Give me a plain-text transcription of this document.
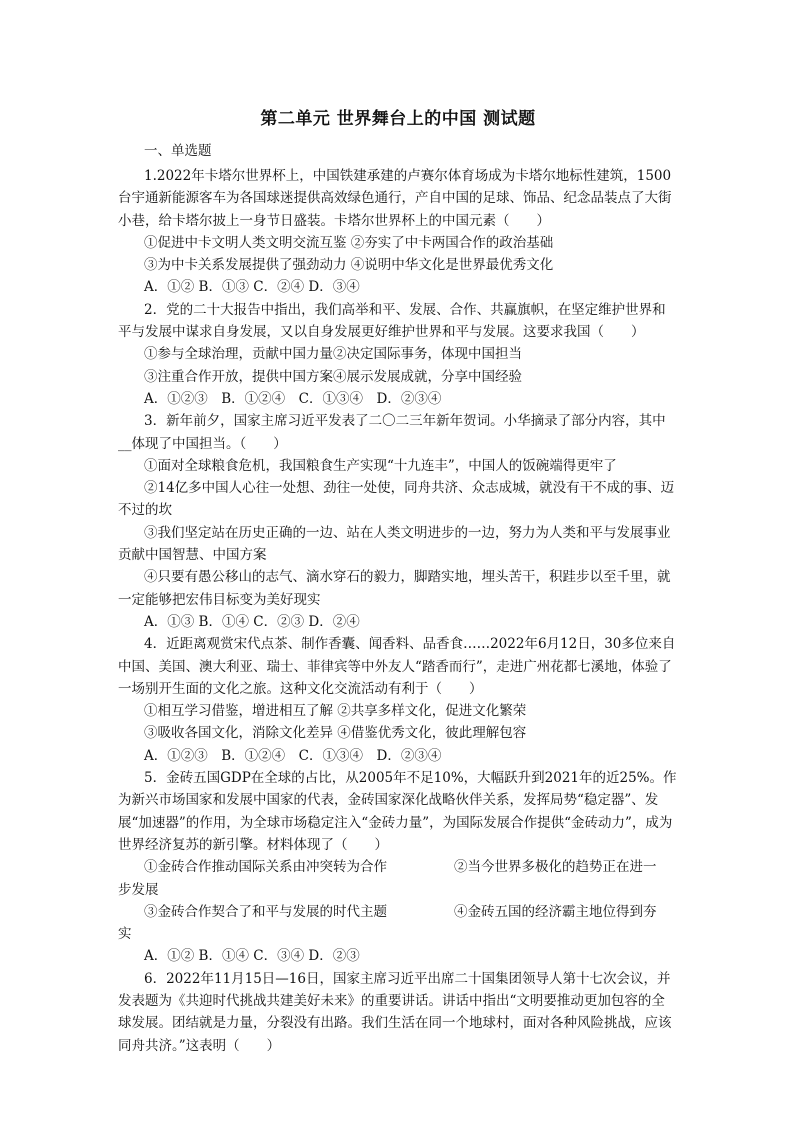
第二单元 世界舞台上的中国 测试题
一、单选题

1.2022年卡塔尔世界杯上，中国铁建承建的卢赛尔体育场成为卡塔尔地标性建筑，1500台宇通新能源客车为各国球迷提供高效绿色通行，产自中国的足球、饰品、纪念品装点了大街小巷，给卡塔尔披上一身节日盛装。卡塔尔世界杯上的中国元素（　　）

①促进中卡文明人类文明交流互鉴 ②夯实了中卡两国合作的政治基础

③为中卡关系发展提供了强劲动力 ④说明中华文化是世界最优秀文化

A．①② B．①③ C．②④ D．③④

2．党的二十大报告中指出，我们高举和平、发展、合作、共赢旗帜，在坚定维护世界和平与发展中谋求自身发展，又以自身发展更好维护世界和平与发展。这要求我国（　　）

①参与全球治理，贡献中国力量②决定国际事务，体现中国担当

③注重合作开放，提供中国方案④展示发展成就，分享中国经验

A．①②③　B．①②④　C．①③④　D．②③④

3．新年前夕，国家主席习近平发表了二〇二三年新年贺词。小华摘录了部分内容，其中　　__体现了中国担当。（　　）

①面对全球粮食危机，我国粮食生产实现“十九连丰”，中国人的饭碗端得更牢了

②14亿多中国人心往一处想、劲往一处使，同舟共济、众志成城，就没有干不成的事、迈不过的坎

③我们坚定站在历史正确的一边、站在人类文明进步的一边，努力为人类和平与发展事业贡献中国智慧、中国方案

④只要有愚公移山的志气、滴水穿石的毅力，脚踏实地，埋头苦干，积跬步以至千里，就一定能够把宏伟目标变为美好现实

A．①③ B．①④ C．②③ D．②④

4．近距离观赏宋代点茶、制作香囊、闻香料、品香食……2022年6月12日，30多位来自中国、美国、澳大利亚、瑞士、菲律宾等中外友人“踏香而行”，走进广州花都七溪地，体验了一场别开生面的文化之旅。这种文化交流活动有利于（　　）

①相互学习借鉴，增进相互了解 ②共享多样文化，促进文化繁荣

③吸收各国文化，消除文化差异 ④借鉴优秀文化，彼此理解包容

A．①②③　B．①②④　C．①③④　D．②③④

5．金砖五国GDP在全球的占比，从2005年不足10%，大幅跃升到2021年的近25%。作为新兴市场国家和发展中国家的代表，金砖国家深化战略伙伴关系，发挥局势“稳定器”、发展“加速器”的作用，为全球市场稳定注入“金砖力量”，为国际发展合作提供“金砖动力”，成为世界经济复苏的新引擎。材料体现了（　　）

①金砖合作推动国际关系由冲突转为合作	②当今世界多极化的趋势正在进一

步发展

③金砖合作契合了和平与发展的时代主题	④金砖五国的经济霸主地位得到夯

实

A．①② B．①④ C．③④ D．②③

6．2022年11月15日—16日，国家主席习近平出席二十国集团领导人第十七次会议，并发表题为《共迎时代挑战共建美好未来》的重要讲话。讲话中指出“文明要推动更加包容的全球发展。团结就是力量，分裂没有出路。我们生活在同一个地球村，面对各种风险挑战，应该同舟共济。”这表明（　　）
